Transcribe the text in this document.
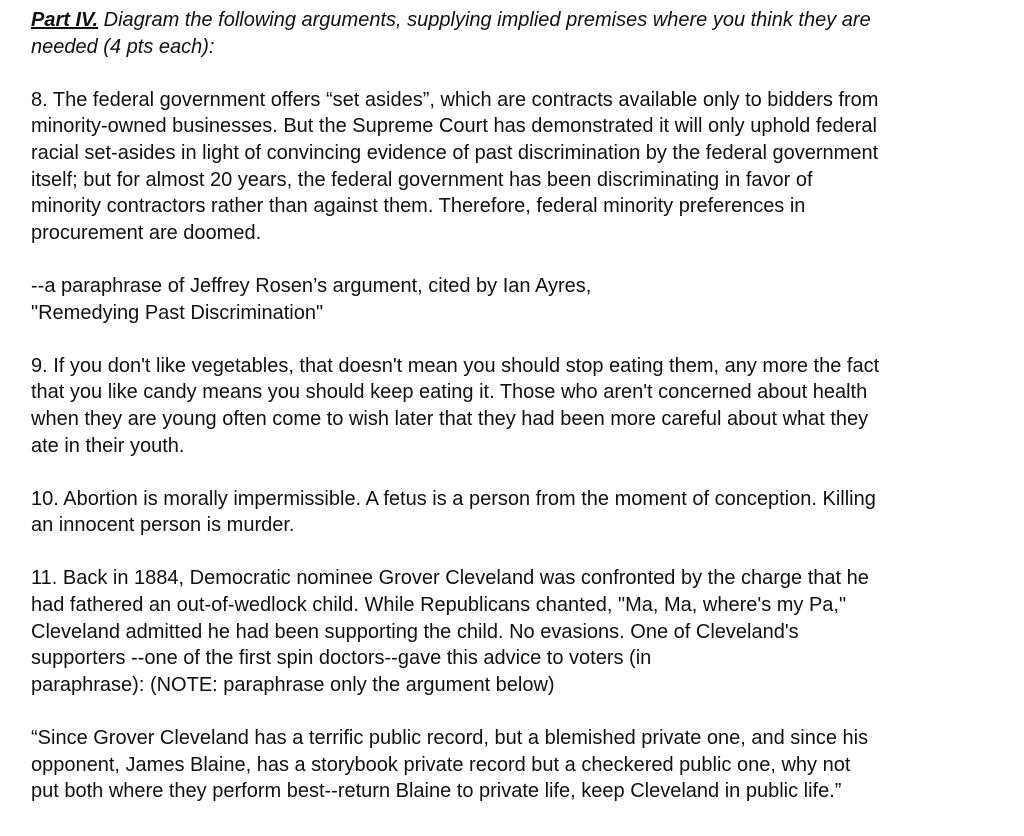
Part IV. Diagram the following arguments, supplying implied premises where you think they are
needed (4 pts each):

8. The federal government offers “set asides”, which are contracts available only to bidders from
minority-owned businesses. But the Supreme Court has demonstrated it will only uphold federal
racial set-asides in light of convincing evidence of past discrimination by the federal government
itself; but for almost 20 years, the federal government has been discriminating in favor of
minority contractors rather than against them. Therefore, federal minority preferences in
procurement are doomed.

--a paraphrase of Jeffrey Rosen’s argument, cited by Ian Ayres,
"Remedying Past Discrimination"

9. If you don't like vegetables, that doesn't mean you should stop eating them, any more the fact
that you like candy means you should keep eating it. Those who aren't concerned about health
when they are young often come to wish later that they had been more careful about what they
ate in their youth.

10. Abortion is morally impermissible. A fetus is a person from the moment of conception. Killing
an innocent person is murder.

11. Back in 1884, Democratic nominee Grover Cleveland was confronted by the charge that he
had fathered an out-of-wedlock child. While Republicans chanted, "Ma, Ma, where's my Pa,"
Cleveland admitted he had been supporting the child. No evasions. One of Cleveland's
supporters --one of the first spin doctors--gave this advice to voters (in
paraphrase): (NOTE: paraphrase only the argument below)

“Since Grover Cleveland has a terrific public record, but a blemished private one, and since his
opponent, James Blaine, has a storybook private record but a checkered public one, why not
put both where they perform best--return Blaine to private life, keep Cleveland in public life.”
